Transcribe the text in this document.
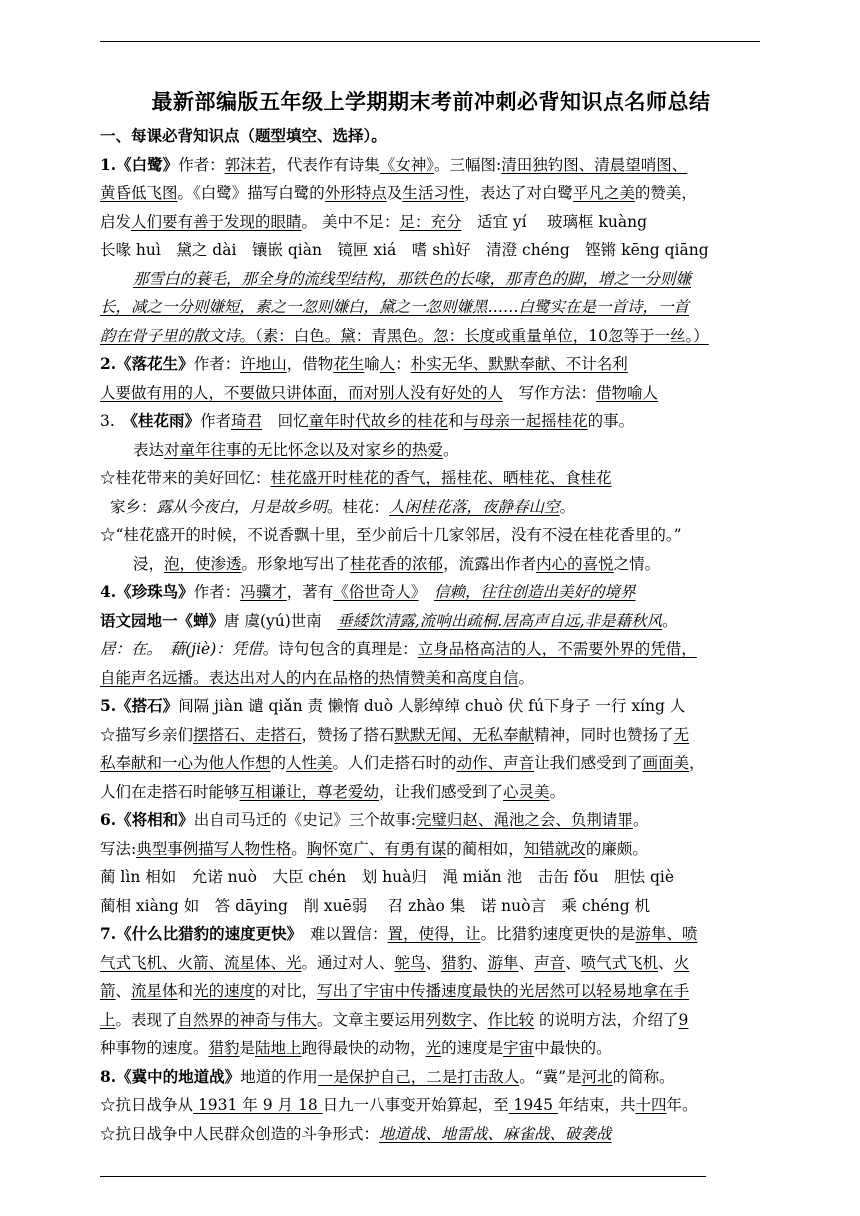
最新部编版五年级上学期期末考前冲刺必背知识点名师总结

一、每课必背知识点（题型填空、选择）。

1.《白鹭》作者：郭沫若，代表作有诗集《女神》。三幅图:清田独钓图、清晨望哨图、

黄昏低飞图。《白鹭》描写白鹭的外形特点及生活习性，表达了对白鹭平凡之美的赞美，

启发人们要有善于发现的眼睛。 美中不足：足：充分　适宜 yí　 玻璃框 kuàng

长喙 huì　黛之 dài　镶嵌 qiàn　镜匣 xiá　嗜 shì好　清澄 chéng　铿锵 kēng qiāng

那雪白的蓑毛，那全身的流线型结构，那铁色的长喙，那青色的脚，增之一分则嫌

长，减之一分则嫌短，素之一忽则嫌白，黛之一忽则嫌黑……白鹭实在是一首诗，一首

韵在骨子里的散文诗。（素：白色。黛：青黑色。忽：长度或重量单位，10忽等于一丝。）

2.《落花生》作者：许地山，借物花生喻人：朴实无华、默默奉献、不计名利

人要做有用的人，不要做只讲体面，而对别人没有好处的人　写作方法：借物喻人

3.　《桂花雨》作者琦君　回忆童年时代故乡的桂花和与母亲一起摇桂花的事。

表达对童年往事的无比怀念以及对家乡的热爱。

☆桂花带来的美好回忆：桂花盛开时桂花的香气，摇桂花、晒桂花、食桂花

家乡：露从今夜白，月是故乡明。桂花：人闲桂花落，夜静春山空。

☆“桂花盛开的时候，不说香飘十里，至少前后十几家邻居，没有不浸在桂花香里的。”

浸，泡，使渗透。形象地写出了桂花香的浓郁，流露出作者内心的喜悦之情。

4.《珍珠鸟》作者：冯骥才，著有《俗世奇人》　 信赖，往往创造出美好的境界

语文园地一《蝉》唐 虞(yú)世南　垂緌饮清露,流响出疏桐.居高声自远,非是藉秋风。

居：在。　藉(jiè)：凭借。诗句包含的真理是：立身品格高洁的人，不需要外界的凭借，

自能声名远播。表达出对人的内在品格的热情赞美和高度自信。

5.《搭石》间隔 jiàn 谴 qiǎn 责 懒惰 duò 人影绰绰 chuò 伏 fú下身子 一行 xíng 人

☆描写乡亲们摆搭石、走搭石，赞扬了搭石默默无闻、无私奉献精神，同时也赞扬了无

私奉献和一心为他人作想的人性美。人们走搭石时的动作、声音让我们感受到了画面美，

人们在走搭石时能够互相谦让，尊老爱幼，让我们感受到了心灵美。

6.《将相和》出自司马迁的《史记》三个故事:完璧归赵、渑池之会、负荆请罪。

写法:典型事例描写人物性格。胸怀宽广、有勇有谋的蔺相如，知错就改的廉颇。

蔺 lìn 相如　允诺 nuò　大臣 chén　划 huà归　渑 miǎn 池　击缶 fǒu　胆怯 qiè

蔺相 xiàng 如　答 dāying　削 xuē弱　 召 zhào 集　诺 nuò言　乘 chéng 机

7.《什么比猎豹的速度更快》　难以置信：置，使得，让。比猎豹速度更快的是游隼、喷

气式飞机、火箭、流星体、光。通过对人、鸵鸟、猎豹、游隼、声音、喷气式飞机、火

箭、流星体和光的速度的对比，写出了宇宙中传播速度最快的光居然可以轻易地拿在手

上。表现了自然界的神奇与伟大。文章主要运用列数字、作比较 的说明方法，介绍了9

种事物的速度。猎豹是陆地上跑得最快的动物，光的速度是宇宙中最快的。

8.《冀中的地道战》地道的作用一是保护自己，二是打击敌人。“冀”是河北的简称。

☆抗日战争从 1931 年 9 月 18 日九一八事变开始算起，至 1945 年结束，共十四年。

☆抗日战争中人民群众创造的斗争形式：地道战、地雷战、麻雀战、破袭战
